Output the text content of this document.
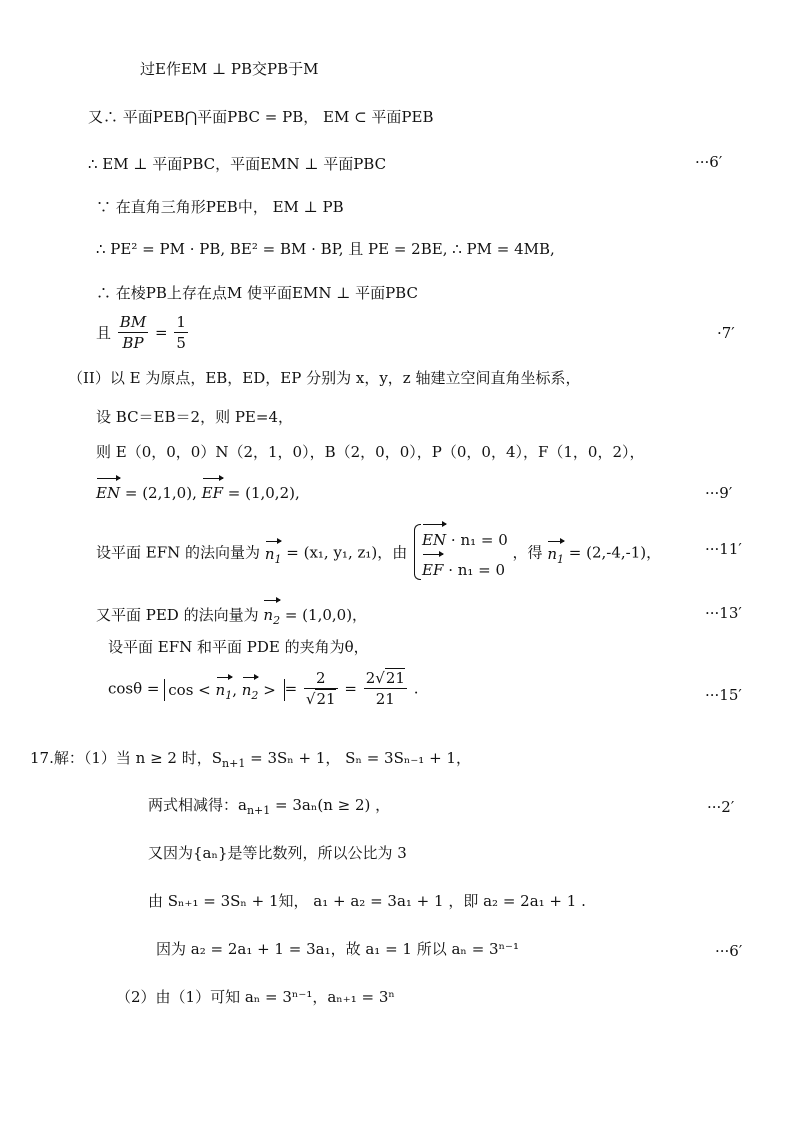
过E作EM ⊥ PB交PB于M
又∴ 平面PEB⋂平面PBC = PB， EM ⊂ 平面PEB
∴ EM ⊥ 平面PBC，平面EMN ⊥ 平面PBC	···6′
∵ 在直角三角形PEB中， EM ⊥ PB
∴ PE² = PM · PB, BE² = BM · BP, 且 PE = 2BE, ∴ PM = 4MB,
∴ 在棱PB上存在点M 使平面EMN ⊥ 平面PBC
且 $\frac{BM}{BP} = \frac{1}{5}$	·7′
（II）以 E 为原点，EB，ED，EP 分别为 x，y，z 轴建立空间直角坐标系，
设 BC＝EB＝2，则 PE=4，
则 E（0，0，0）N（2，1，0），B（2，0，0），P（0，0，4），F（1，0，2），
EN = (2,1,0), EF = (1,0,2),	···9′
设平面 EFN 的法向量为 $n_1 = (x_1$, y₁, z₁)，由
EN · n₁ = 0
EF · n₁ = 0
，得 $n_1 = (2,-4,-1)$，	···11′
又平面 PED 的法向量为 $n_2 = (1,0,0)$，	···13′
设平面 EFN 和平面 PDE 的夹角为θ，
$\cos\theta = \cos < n_1$, $n_2$ > = $\frac{2}{√21} = \frac{2√21}{21}$ .	···15′
17.解：（1）当 n ≥ 2 时，$S_{n+1} = 3S_n + 1$， Sₙ = 3Sₙ₋₁ + 1，
两式相减得：$a_{n+1} = 3a_n(n \ge 2)$ ，	···2′
又因为{aₙ}是等比数列，所以公比为 3
由 Sₙ₊₁ = 3Sₙ + 1知， a₁ + a₂ = 3a₁ + 1 ，即 a₂ = 2a₁ + 1 .
因为 a₂ = 2a₁ + 1 = 3a₁，故 a₁ = 1 所以 aₙ = 3ⁿ⁻¹	···6′
（2）由（1）可知 aₙ = 3ⁿ⁻¹，aₙ₊₁ = 3ⁿ
